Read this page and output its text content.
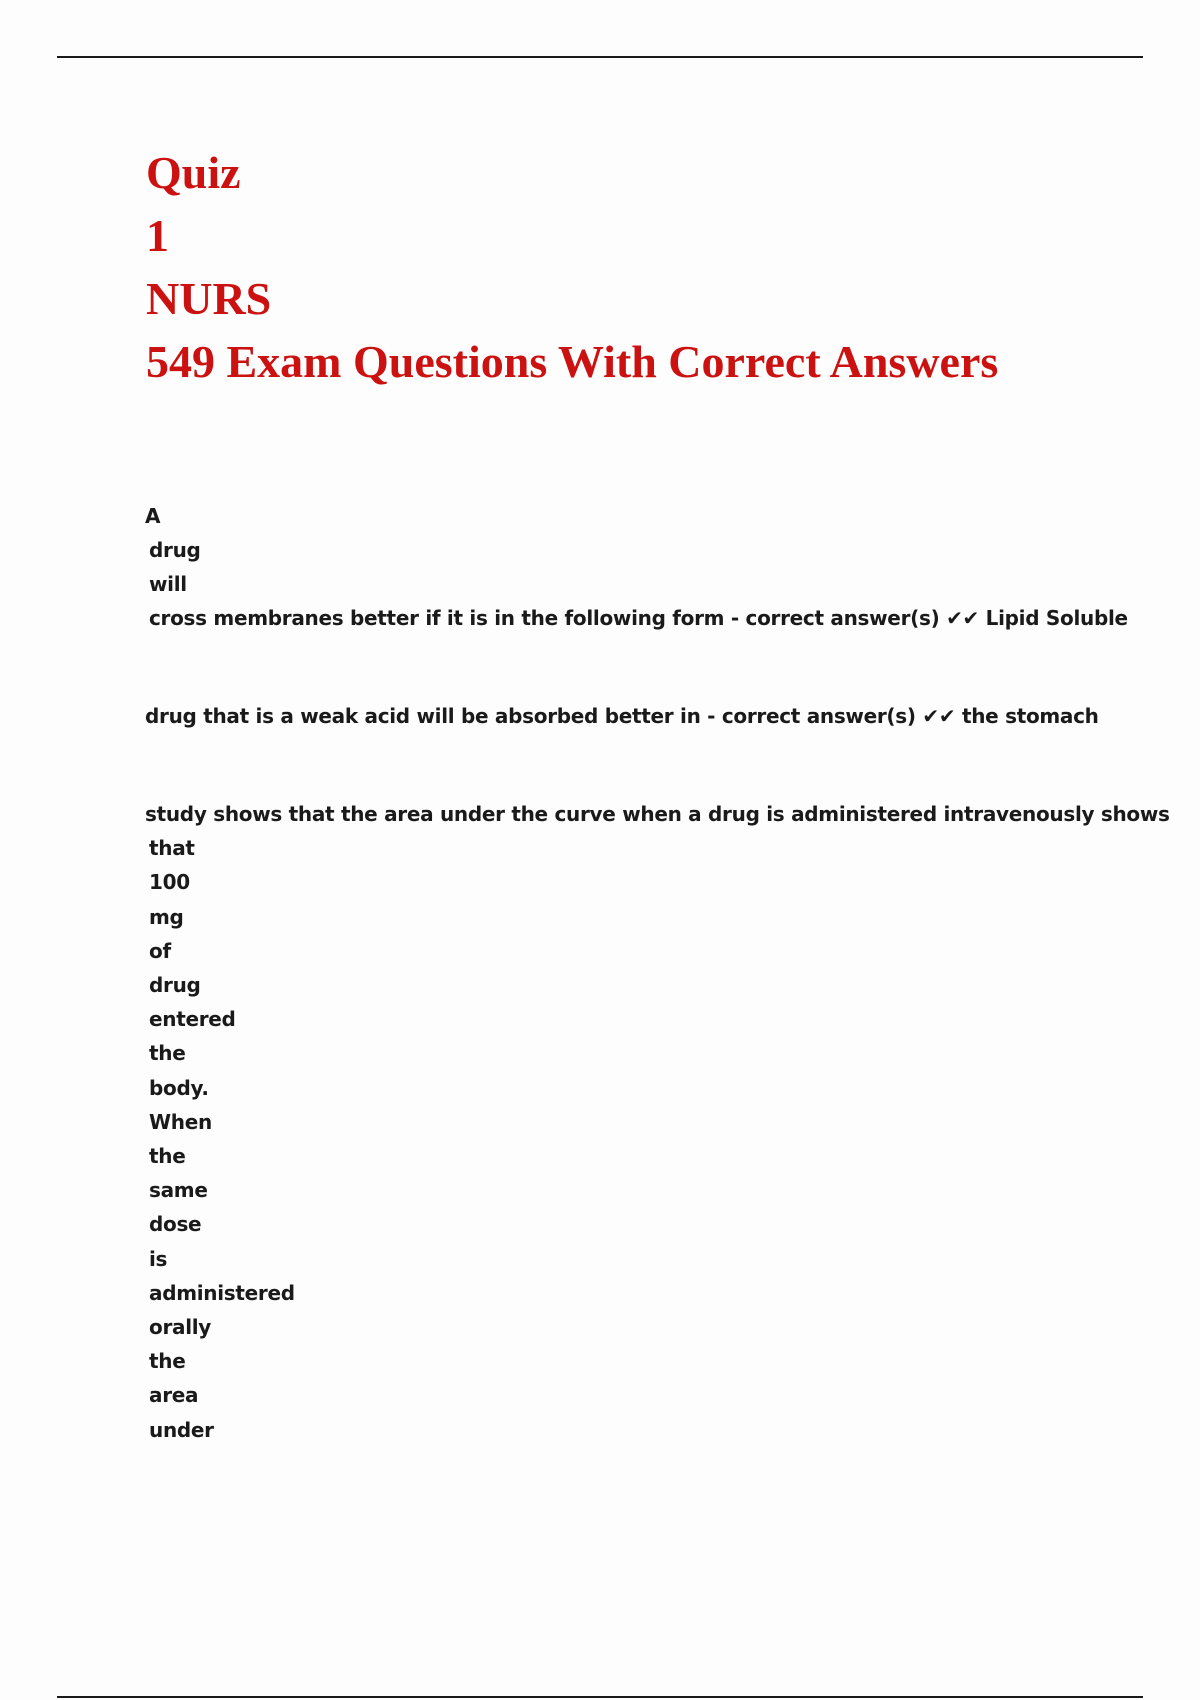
Quiz
1
NURS
549 Exam Questions With Correct Answers
A
drug
will
cross membranes better if it is in the following form - correct answer(s) ✔✔ Lipid Soluble
drug that is a weak acid will be absorbed better in - correct answer(s) ✔✔ the stomach
study shows that the area under the curve when a drug is administered intravenously shows
that
100
mg
of
drug
entered
the
body.
When
the
same
dose
is
administered
orally
the
area
under
